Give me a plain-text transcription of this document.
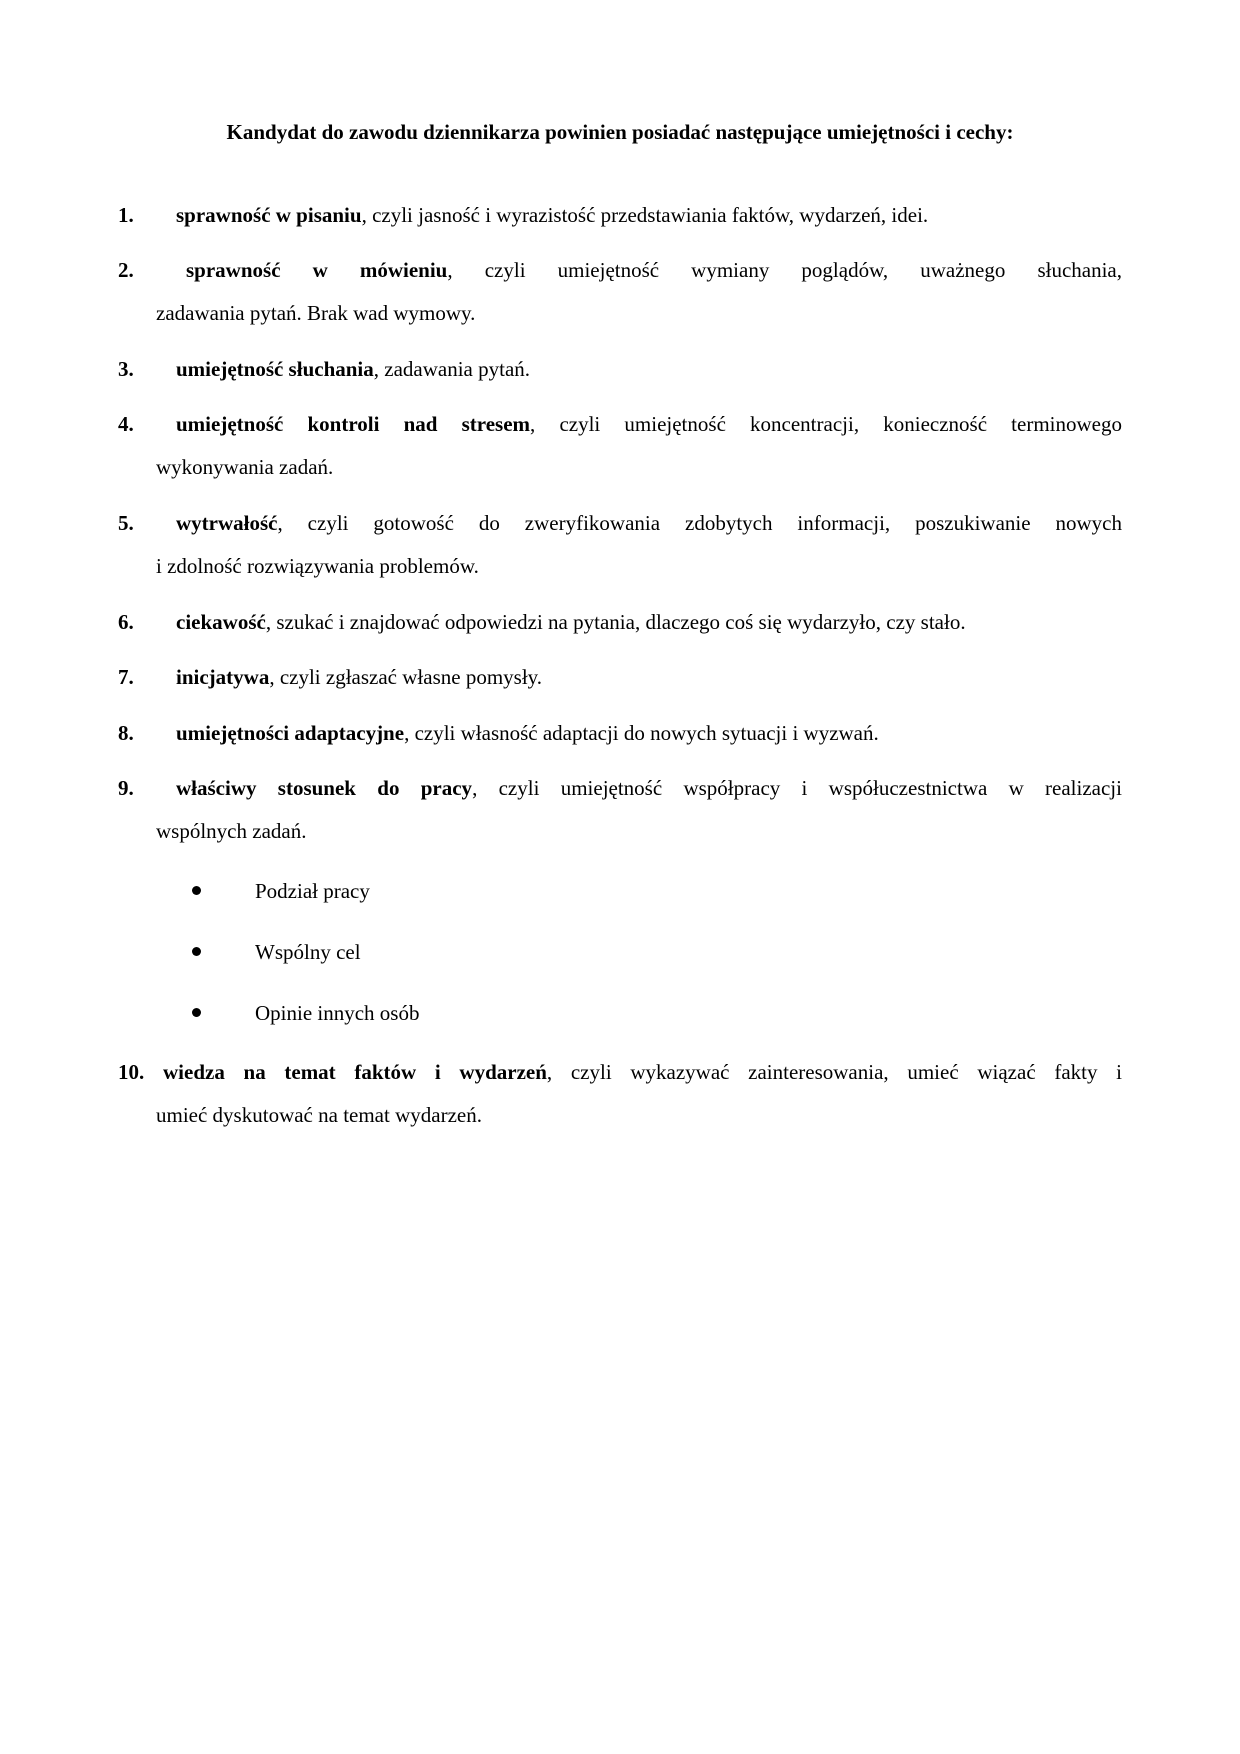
Kandydat do zawodu dziennikarza powinien posiadać następujące umiejętności i cechy:
1.	sprawność w pisaniu, czyli jasność i wyrazistość przedstawiania faktów, wydarzeń, idei.
2.	sprawność w mówieniu, czyli umiejętność wymiany poglądów, uważnego słuchania,
zadawania pytań. Brak wad wymowy.
3.	umiejętność słuchania, zadawania pytań.
4.	umiejętność kontroli nad stresem, czyli umiejętność koncentracji, konieczność terminowego
wykonywania zadań.
5.	wytrwałość, czyli gotowość do zweryfikowania zdobytych informacji, poszukiwanie nowych
i zdolność rozwiązywania problemów.
6.	ciekawość, szukać i znajdować odpowiedzi na pytania, dlaczego coś się wydarzyło, czy stało.
7.	inicjatywa, czyli zgłaszać własne pomysły.
8.	umiejętności adaptacyjne, czyli własność adaptacji do nowych sytuacji i wyzwań.
9.	właściwy stosunek do pracy, czyli umiejętność współpracy i współuczestnictwa w realizacji
wspólnych zadań.
Podział pracy
Wspólny cel
Opinie innych osób
10. wiedza na temat faktów i wydarzeń, czyli wykazywać zainteresowania, umieć wiązać fakty i
umieć dyskutować na temat wydarzeń.
